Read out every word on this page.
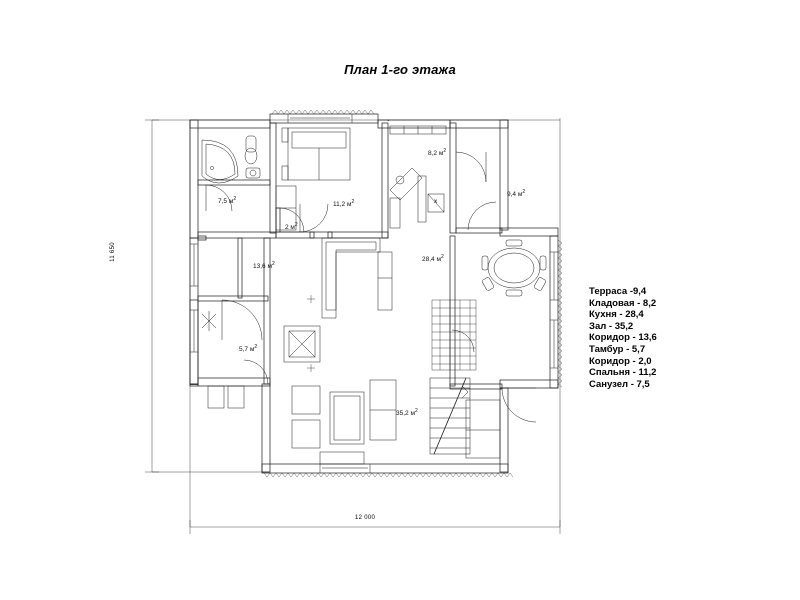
План 1-го этажа
7,5 $м^2$
2 $м^2$
11,2 $м^2$
8,2 $м^2$
9,4 $м^2$
13,6 $м^2$
28,4 $м^2$
5,7 $м^2$
35,2 $м^2$
х
12 000
11 650
Терраса -9,4
Кладовая - 8,2
Кухня - 28,4
Зал - 35,2
Коридор - 13,6
Тамбур - 5,7
Коридор - 2,0
Спальня - 11,2
Санузел - 7,5
